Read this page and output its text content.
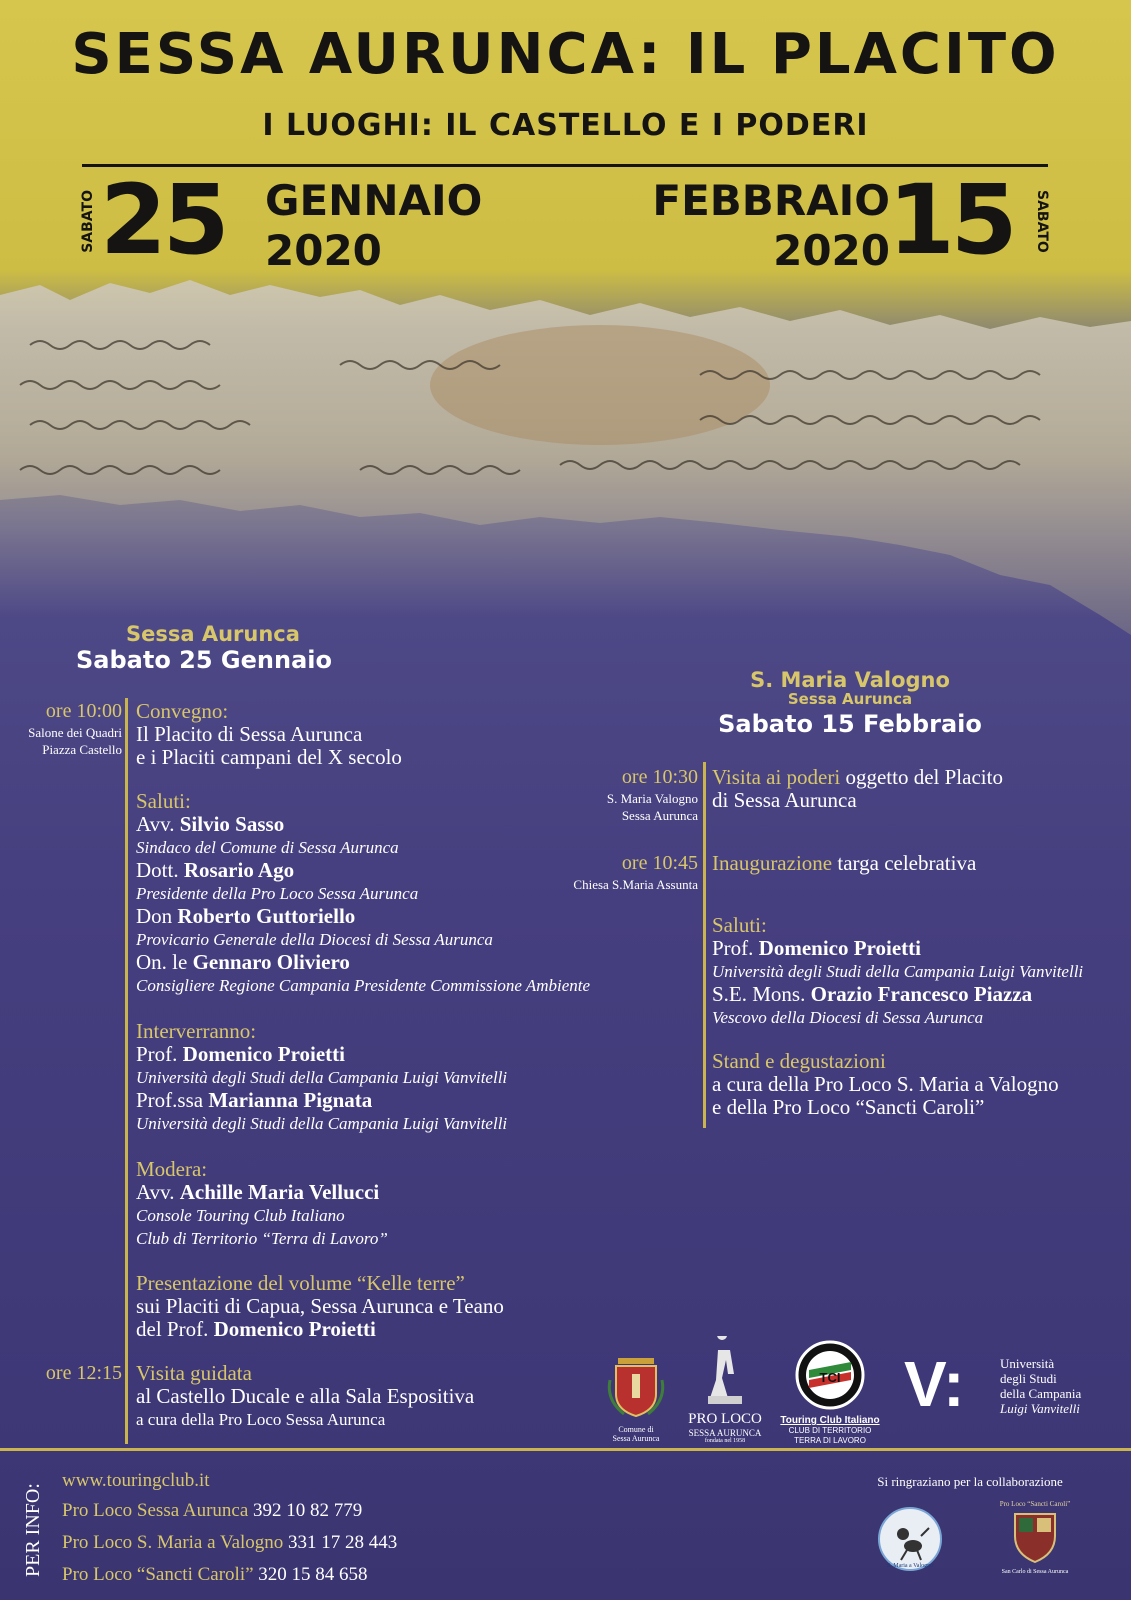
SESSA AURUNCA: IL PLACITO
I LUOGHI: IL CASTELLO E I PODERI
SABATO 25 GENNAIO
2020
FEBBRAIO
2020
15 SABATO
Sessa Aurunca
Sabato 25 Gennaio
ore 10:00
Salone dei Quadri
Piazza Castello
Convegno:
Il Placito di Sessa Aurunca
e i Placiti campani del X secolo
Saluti:
Avv. Silvio Sasso
Sindaco del Comune di Sessa Aurunca
Dott. Rosario Ago
Presidente della Pro Loco Sessa Aurunca
Don Roberto Guttoriello
Provicario Generale della Diocesi di Sessa Aurunca
On. le Gennaro Oliviero
Consigliere Regione Campania Presidente Commissione Ambiente
Interverranno:
Prof. Domenico Proietti
Università degli Studi della Campania Luigi Vanvitelli
Prof.ssa Marianna Pignata
Università degli Studi della Campania Luigi Vanvitelli
Modera:
Avv. Achille Maria Vellucci
Console Touring Club Italiano
Club di Territorio “Terra di Lavoro”
Presentazione del volume “Kelle terre”
sui Placiti di Capua, Sessa Aurunca e Teano
del Prof. Domenico Proietti
ore 12:15 Visita guidata
al Castello Ducale e alla Sala Espositiva
a cura della Pro Loco Sessa Aurunca
S. Maria Valogno
Sessa Aurunca
Sabato 15 Febbraio
ore 10:30
S. Maria Valogno
Sessa Aurunca
Visita ai poderi oggetto del Placito
di Sessa Aurunca
ore 10:45
Chiesa S.Maria Assunta
Inaugurazione targa celebrativa
Saluti:
Prof. Domenico Proietti
Università degli Studi della Campania Luigi Vanvitelli
S.E. Mons. Orazio Francesco Piazza
Vescovo della Diocesi di Sessa Aurunca
Stand e degustazioni
a cura della Pro Loco S. Maria a Valogno
e della Pro Loco “Sancti Caroli”
Comune di
Sessa Aurunca
PRO LOCO
SESSA AURUNCA
fondata nel 1958
TCI
Touring Club Italiano
CLUB DI TERRITORIO
TERRA DI LAVORO
V:	Università
degli Studi
della Campania
Luigi Vanvitelli
PER INFO:
www.touringclub.it
Pro Loco Sessa Aurunca 392 10 82 779
Pro Loco S. Maria a Valogno 331 17 28 443
Pro Loco “Sancti Caroli” 320 15 84 658
Si ringraziano per la collaborazione
S. Maria a Valogno
Pro Loco “Sancti Caroli”
San Carlo di Sessa Aurunca
